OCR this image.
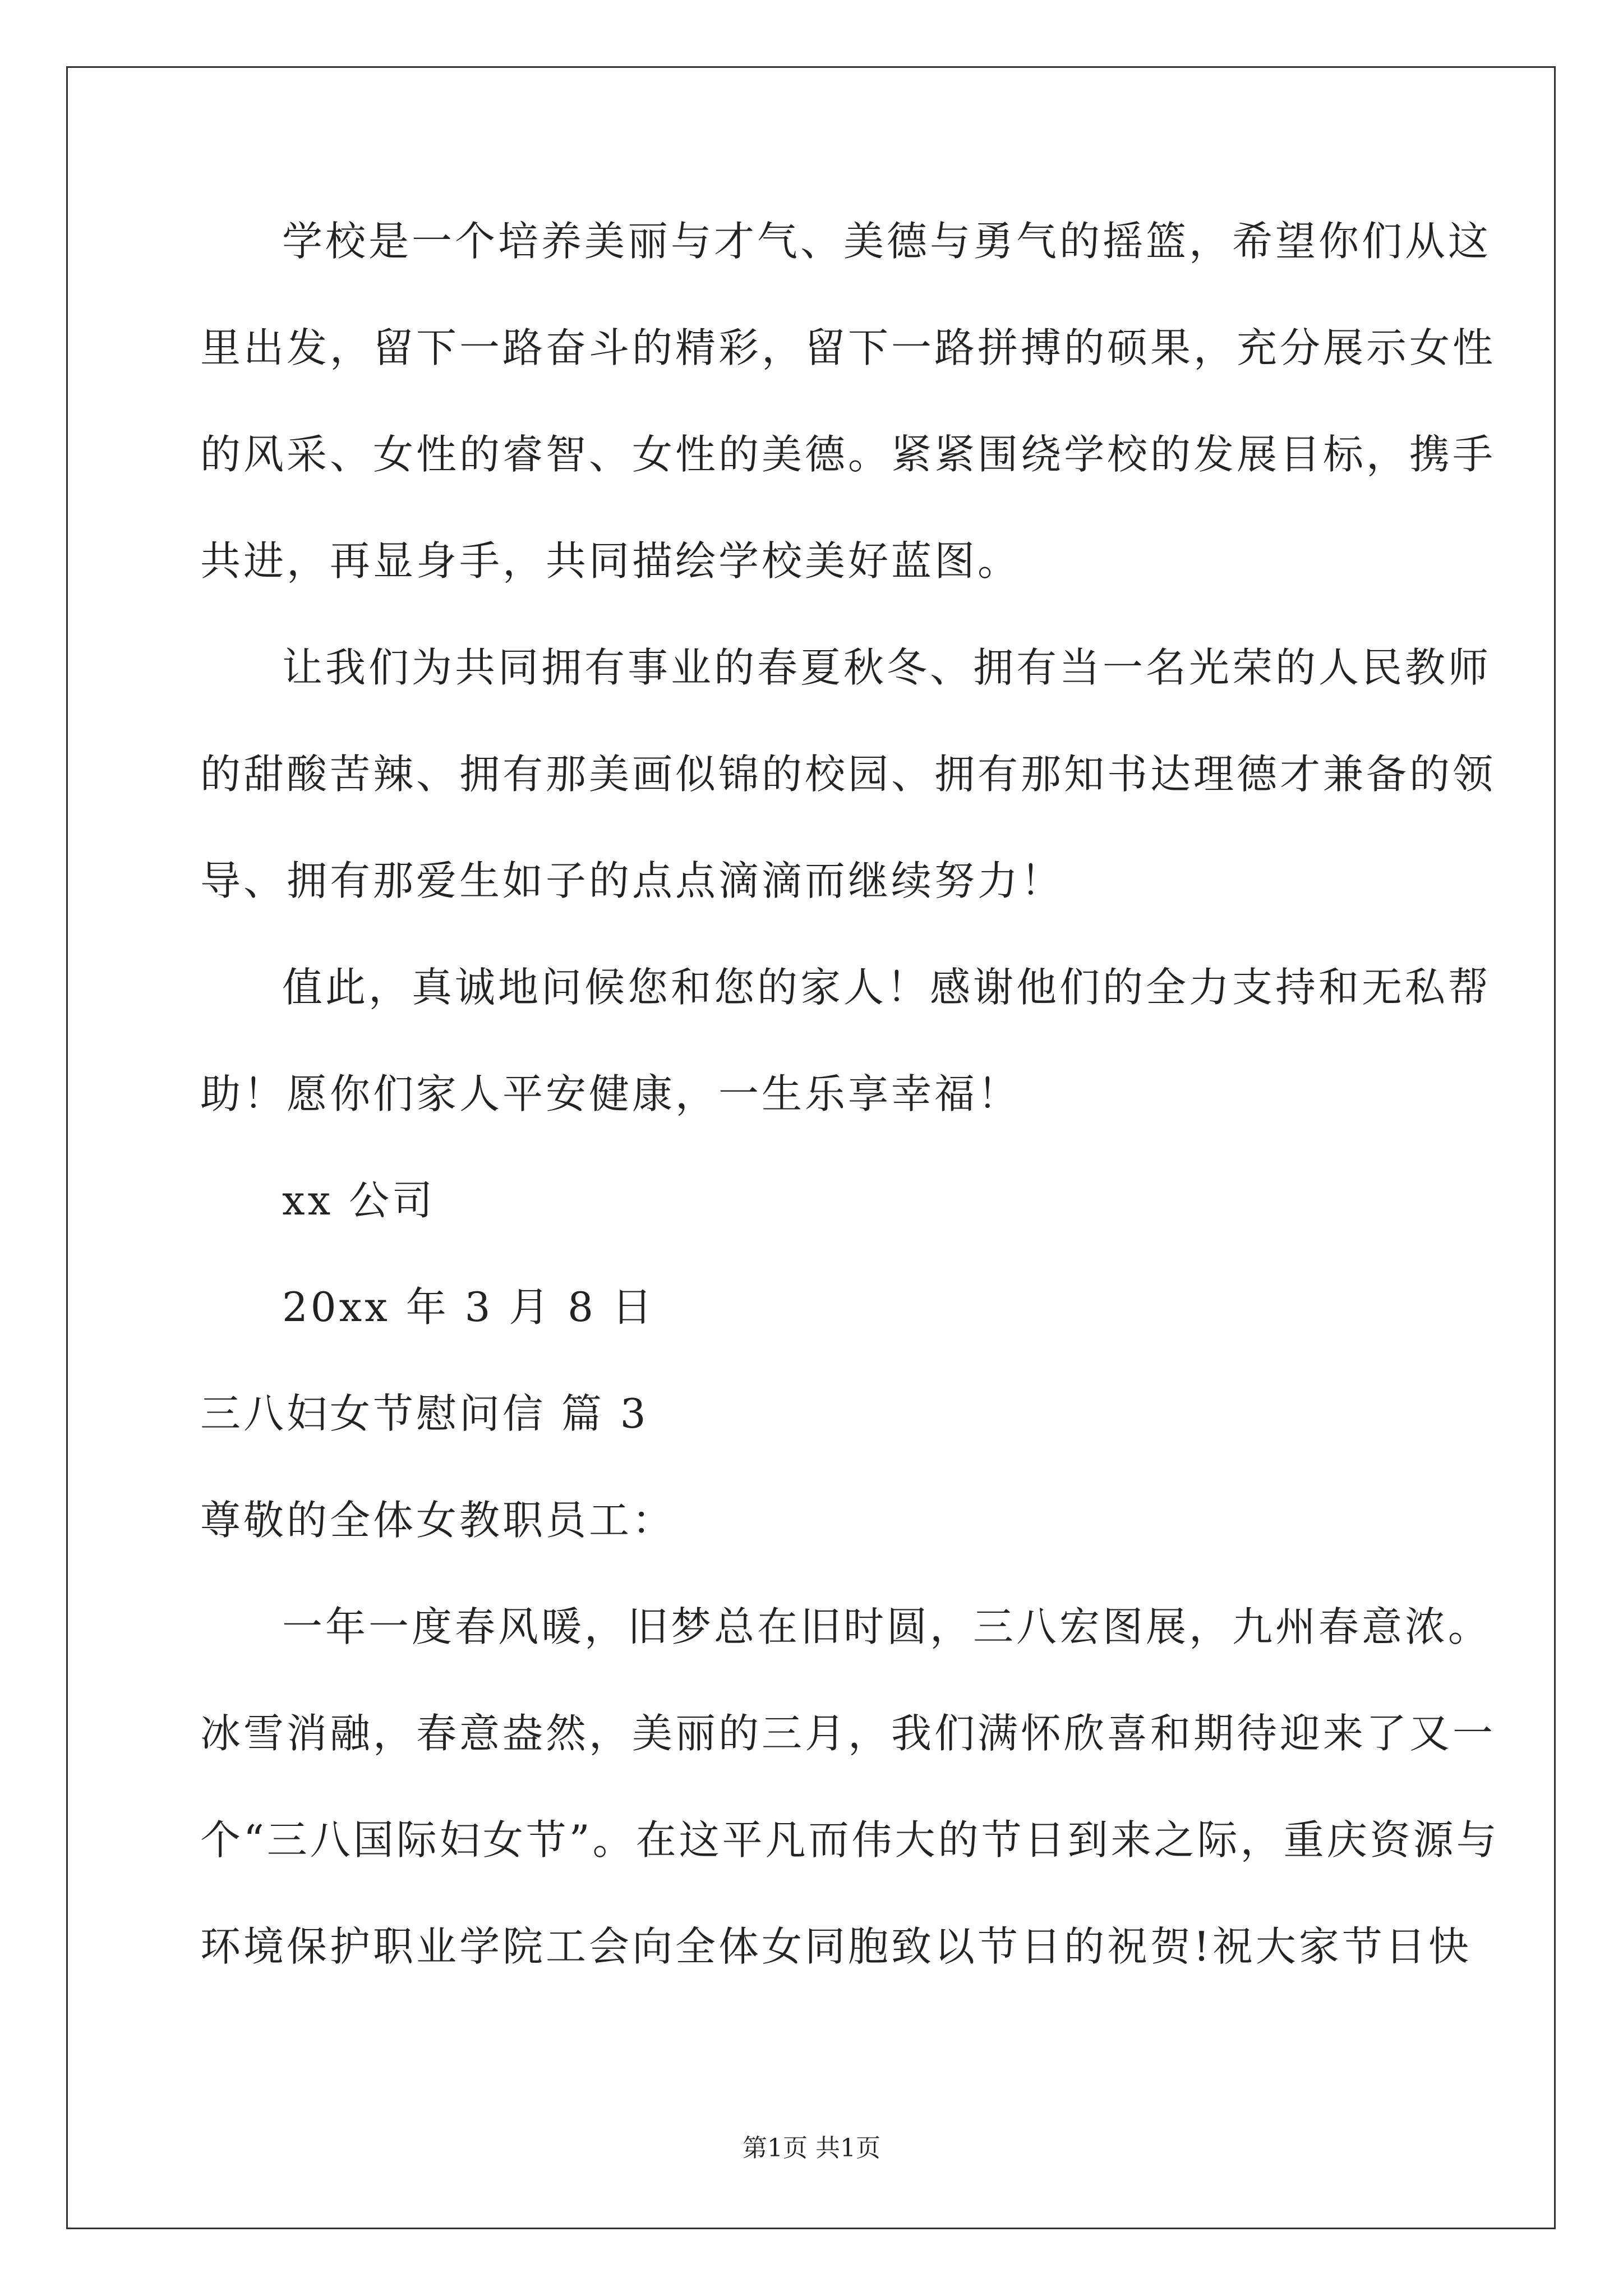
学校是一个培养美丽与才气、美德与勇气的摇篮，希望你们从这
里出发，留下一路奋斗的精彩，留下一路拼搏的硕果，充分展示女性
的风采、女性的睿智、女性的美德。紧紧围绕学校的发展目标，携手
共进，再显身手，共同描绘学校美好蓝图。
让我们为共同拥有事业的春夏秋冬、拥有当一名光荣的人民教师
的甜酸苦辣、拥有那美画似锦的校园、拥有那知书达理德才兼备的领
导、拥有那爱生如子的点点滴滴而继续努力！
值此，真诚地问候您和您的家人！感谢他们的全力支持和无私帮
助！愿你们家人平安健康，一生乐享幸福！
xx 公司
20xx 年 3 月 8 日
三八妇女节慰问信 篇 3
尊敬的全体女教职员工：
一年一度春风暖，旧梦总在旧时圆，三八宏图展，九州春意浓。
冰雪消融，春意盎然，美丽的三月，我们满怀欣喜和期待迎来了又一
个“三八国际妇女节”。在这平凡而伟大的节日到来之际，重庆资源与
环境保护职业学院工会向全体女同胞致以节日的祝贺!祝大家节日快
第1页 共1页
